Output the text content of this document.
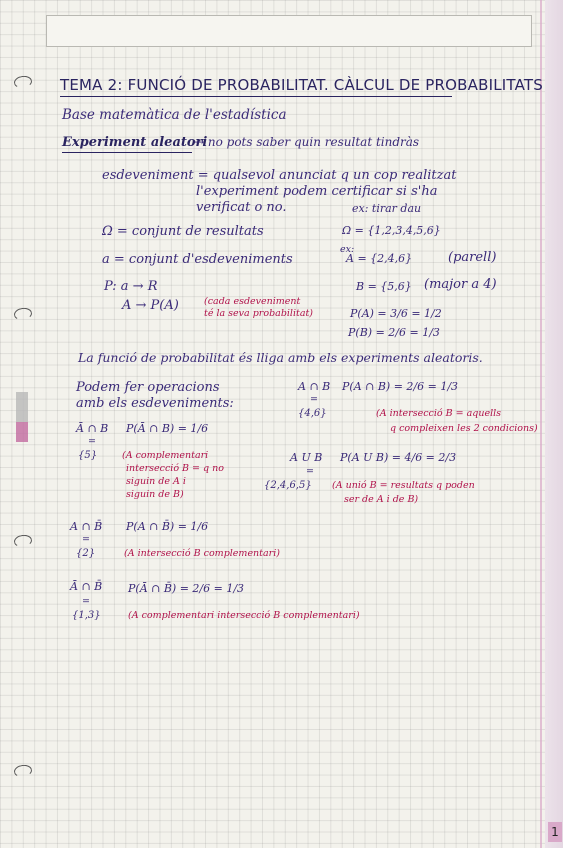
TEMA 2: FUNCIÓ DE PROBABILITAT. CÀLCUL DE PROBABILITATS
Base matemàtica de l'estadística
Experiment aleatori
→ no pots saber quin resultat tindràs
esdeveniment = qualsevol anunciat q un cop realitzat
l'experiment podem certificar si s'ha
verificat o no.	ex: tirar dau
Ω = conjunt de resultats	Ω = {1,2,3,4,5,6}
a = conjunt d'esdeveniments
ex:
A = {2,4,6}	(parell)
P: a → R	B = {5,6} (major a 4)
A → P(A)	(cada esdeveniment
té la seva probabilitat)	P(A) = 3/6 = 1/2
P(B) = 2/6 = 1/3
La funció de probabilitat és lliga amb els experiments aleatoris.
Podem fer operacions
amb els esdeveniments:
A ∩ B P(A ∩ B) = 2/6 = 1/3
=
{4,6}	(A intersecció B = aquells
q compleixen les 2 condicions)
Ā ∩ B P(Ā ∩ B) = 1/6
=
{5}	(A complementari
intersecció B = q no
siguin de A i
siguin de B)
A U B P(A U B) = 4/6 = 2/3
=
{2,4,6,5} (A unió B = resultats q poden
ser de A i de B)
A ∩ B̄ P(A ∩ B̄) = 1/6
=
{2}	(A intersecció B complementari)
Ā ∩ B̄ P(Ā ∩ B̄) = 2/6 = 1/3
=
{1,3}	(A complementari intersecció B complementari)
1
